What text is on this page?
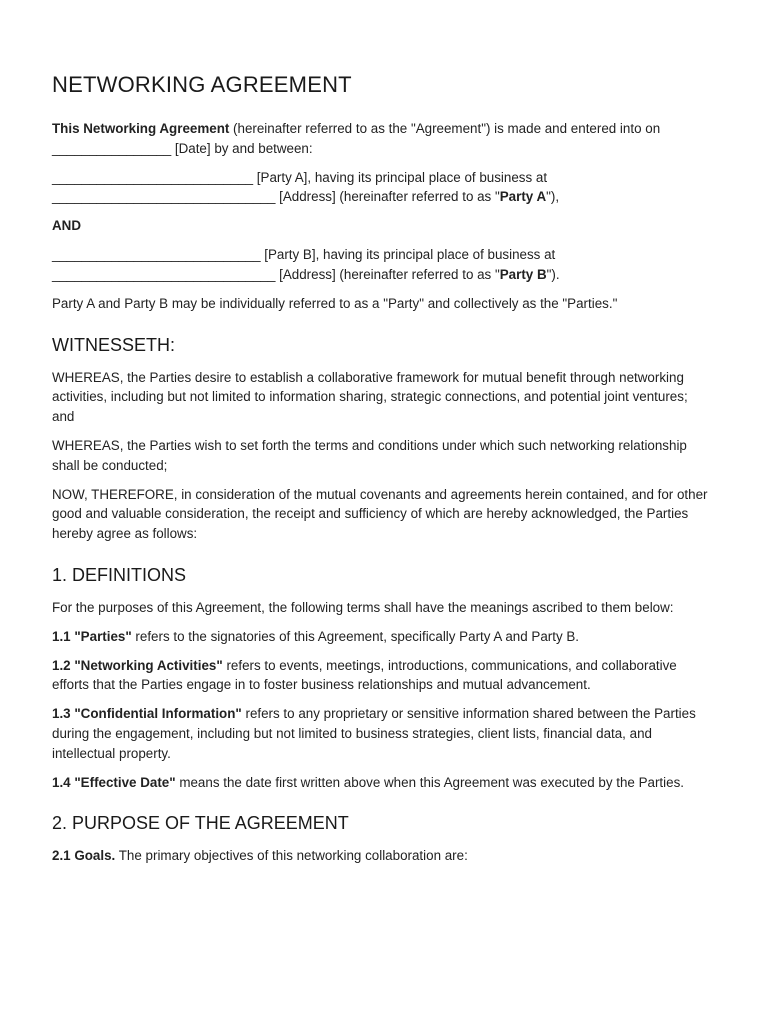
NETWORKING AGREEMENT

This Networking Agreement (hereinafter referred to as the "Agreement") is made and entered into on ________________ [Date] by and between:

___________________________ [Party A], having its principal place of business at ______________________________ [Address] (hereinafter referred to as "Party A"),

AND

____________________________ [Party B], having its principal place of business at ______________________________ [Address] (hereinafter referred to as "Party B").

Party A and Party B may be individually referred to as a "Party" and collectively as the "Parties."

WITNESSETH:

WHEREAS, the Parties desire to establish a collaborative framework for mutual benefit through networking activities, including but not limited to information sharing, strategic connections, and potential joint ventures; and

WHEREAS, the Parties wish to set forth the terms and conditions under which such networking relationship shall be conducted;

NOW, THEREFORE, in consideration of the mutual covenants and agreements herein contained, and for other good and valuable consideration, the receipt and sufficiency of which are hereby acknowledged, the Parties hereby agree as follows:

1. DEFINITIONS

For the purposes of this Agreement, the following terms shall have the meanings ascribed to them below:

1.1 "Parties" refers to the signatories of this Agreement, specifically Party A and Party B.

1.2 "Networking Activities" refers to events, meetings, introductions, communications, and collaborative efforts that the Parties engage in to foster business relationships and mutual advancement.

1.3 "Confidential Information" refers to any proprietary or sensitive information shared between the Parties during the engagement, including but not limited to business strategies, client lists, financial data, and intellectual property.

1.4 "Effective Date" means the date first written above when this Agreement was executed by the Parties.

2. PURPOSE OF THE AGREEMENT

2.1 Goals. The primary objectives of this networking collaboration are:
